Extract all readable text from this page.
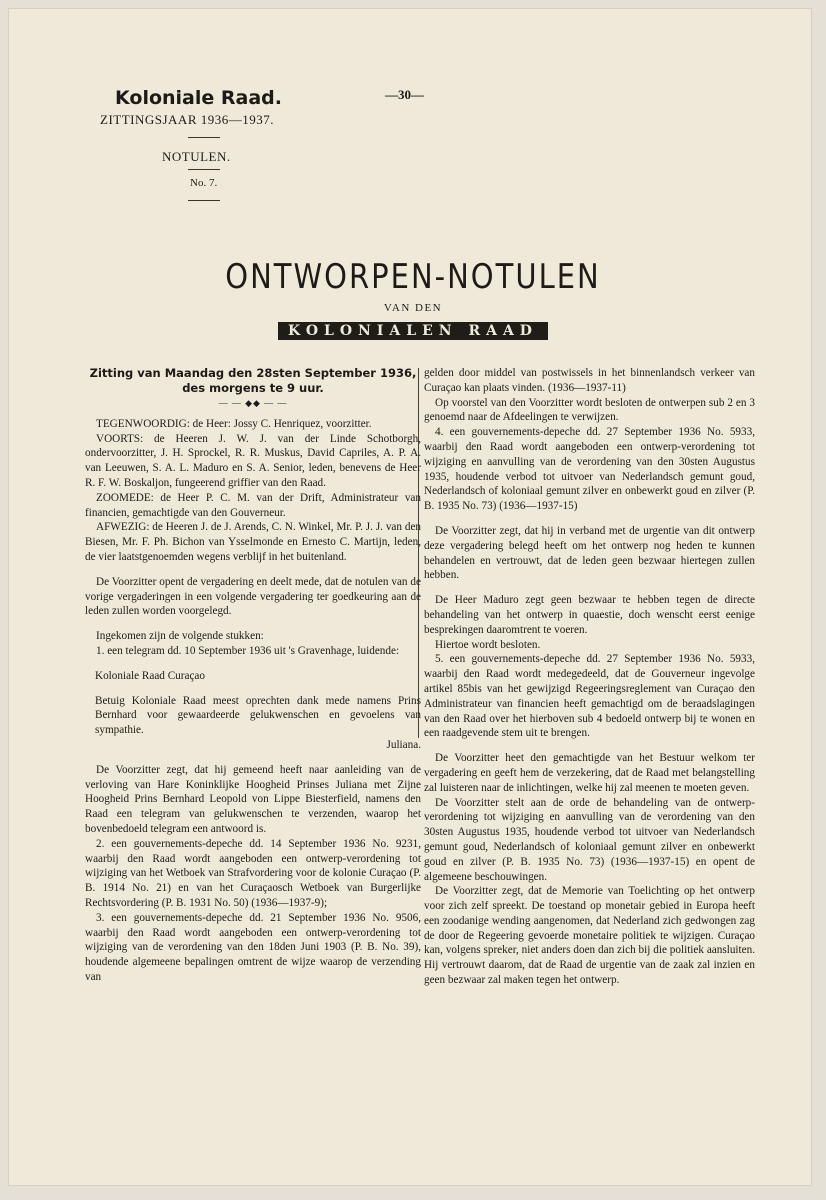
Koloniale Raad.
ZITTINGSJAAR 1936—1937.
—30—
NOTULEN.
No. 7.
ONTWORPEN-NOTULEN
VAN DEN
KOLONIALEN RAAD

Zitting van Maandag den 28sten September 1936,
des morgens te 9 uur.

— — ◆◆ — —

TEGENWOORDIG: de Heer: Jossy C. Henriquez, voorzitter.

VOORTS: de Heeren J. W. J. van der Linde Schotborgh, ondervoorzitter, J. H. Sprockel, R. R. Muskus, David Capriles, A. P. A. van Leeuwen, S. A. L. Maduro en S. A. Senior, leden, benevens de Heer R. F. W. Boskaljon, fungeerend griffier van den Raad.

ZOOMEDE: de Heer P. C. M. van der Drift, Administrateur van financien, gemachtigde van den Gouverneur.

AFWEZIG: de Heeren J. de J. Arends, C. N. Winkel, Mr. P. J. J. van den Biesen, Mr. F. Ph. Bichon van Ysselmonde en Ernesto C. Martijn, leden, de vier laatstgenoemden wegens verblijf in het buitenland.

De Voorzitter opent de vergadering en deelt mede, dat de notulen van de vorige vergaderingen in een volgende vergadering ter goedkeuring aan de leden zullen worden voorgelegd.

Ingekomen zijn de volgende stukken:

1. een telegram dd. 10 September 1936 uit 's Gravenhage, luidende:

Koloniale Raad Curaçao

Betuig Koloniale Raad meest oprechten dank mede namens Prins Bernhard voor gewaardeerde gelukwenschen en gevoelens van sympathie.

Juliana.

De Voorzitter zegt, dat hij gemeend heeft naar aanleiding van de verloving van Hare Koninklijke Hoogheid Prinses Juliana met Zijne Hoogheid Prins Bernhard Leopold von Lippe Biesterfield, namens den Raad een telegram van gelukwenschen te verzenden, waarop het bovenbedoeld telegram een antwoord is.

2. een gouvernements-depeche dd. 14 September 1936 No. 9231, waarbij den Raad wordt aangeboden een ontwerp-verordening tot wijziging van het Wetboek van Strafvordering voor de kolonie Curaçao (P. B. 1914 No. 21) en van het Curaçaosch Wetboek van Burgerlijke Rechtsvordering (P. B. 1931 No. 50) (1936—1937-9);

3. een gouvernements-depeche dd. 21 September 1936 No. 9506, waarbij den Raad wordt aangeboden een ontwerp-verordening tot wijziging van de verordening van den 18den Juni 1903 (P. B. No. 39), houdende algemeene bepalingen omtrent de wijze waarop de verzending van

gelden door middel van postwissels in het binnenlandsch verkeer van Curaçao kan plaats vinden. (1936—1937-11)

Op voorstel van den Voorzitter wordt besloten de ontwerpen sub 2 en 3 genoemd naar de Afdeelingen te verwijzen.

4. een gouvernements-depeche dd. 27 September 1936 No. 5933, waarbij den Raad wordt aangeboden een ontwerp-verordening tot wijziging en aanvulling van de verordening van den 30sten Augustus 1935, houdende verbod tot uitvoer van Nederlandsch gemunt goud, Nederlandsch of koloniaal gemunt zilver en onbewerkt goud en zilver (P. B. 1935 No. 73) (1936—1937-15)

De Voorzitter zegt, dat hij in verband met de urgentie van dit ontwerp deze vergadering belegd heeft om het ontwerp nog heden te kunnen behandelen en vertrouwt, dat de leden geen bezwaar hiertegen zullen hebben.

De Heer Maduro zegt geen bezwaar te hebben tegen de directe behandeling van het ontwerp in quaestie, doch wenscht eerst eenige besprekingen daaromtrent te voeren.

Hiertoe wordt besloten.

5. een gouvernements-depeche dd. 27 September 1936 No. 5933, waarbij den Raad wordt medegedeeld, dat de Gouverneur ingevolge artikel 85bis van het gewijzigd Regeeringsreglement van Curaçao den Administrateur van financien heeft gemachtigd om de beraadslagingen van den Raad over het hierboven sub 4 bedoeld ontwerp bij te wonen en een raadgevende stem uit te brengen.

De Voorzitter heet den gemachtigde van het Bestuur welkom ter vergadering en geeft hem de verzekering, dat de Raad met belangstelling zal luisteren naar de inlichtingen, welke hij zal meenen te moeten geven.

De Voorzitter stelt aan de orde de behandeling van de ontwerp-verordening tot wijziging en aanvulling van de verordening van den 30sten Augustus 1935, houdende verbod tot uitvoer van Nederlandsch gemunt goud, Nederlandsch of koloniaal gemunt zilver en onbewerkt goud en zilver (P. B. 1935 No. 73) (1936—1937-15) en opent de algemeene beschouwingen.

De Voorzitter zegt, dat de Memorie van Toelichting op het ontwerp voor zich zelf spreekt. De toestand op monetair gebied in Europa heeft een zoodanige wending aangenomen, dat Nederland zich gedwongen zag de door de Regeering gevoerde monetaire politiek te wijzigen. Curaçao kan, volgens spreker, niet anders doen dan zich bij die politiek aansluiten. Hij vertrouwt daarom, dat de Raad de urgentie van de zaak zal inzien en geen bezwaar zal maken tegen het ontwerp.
